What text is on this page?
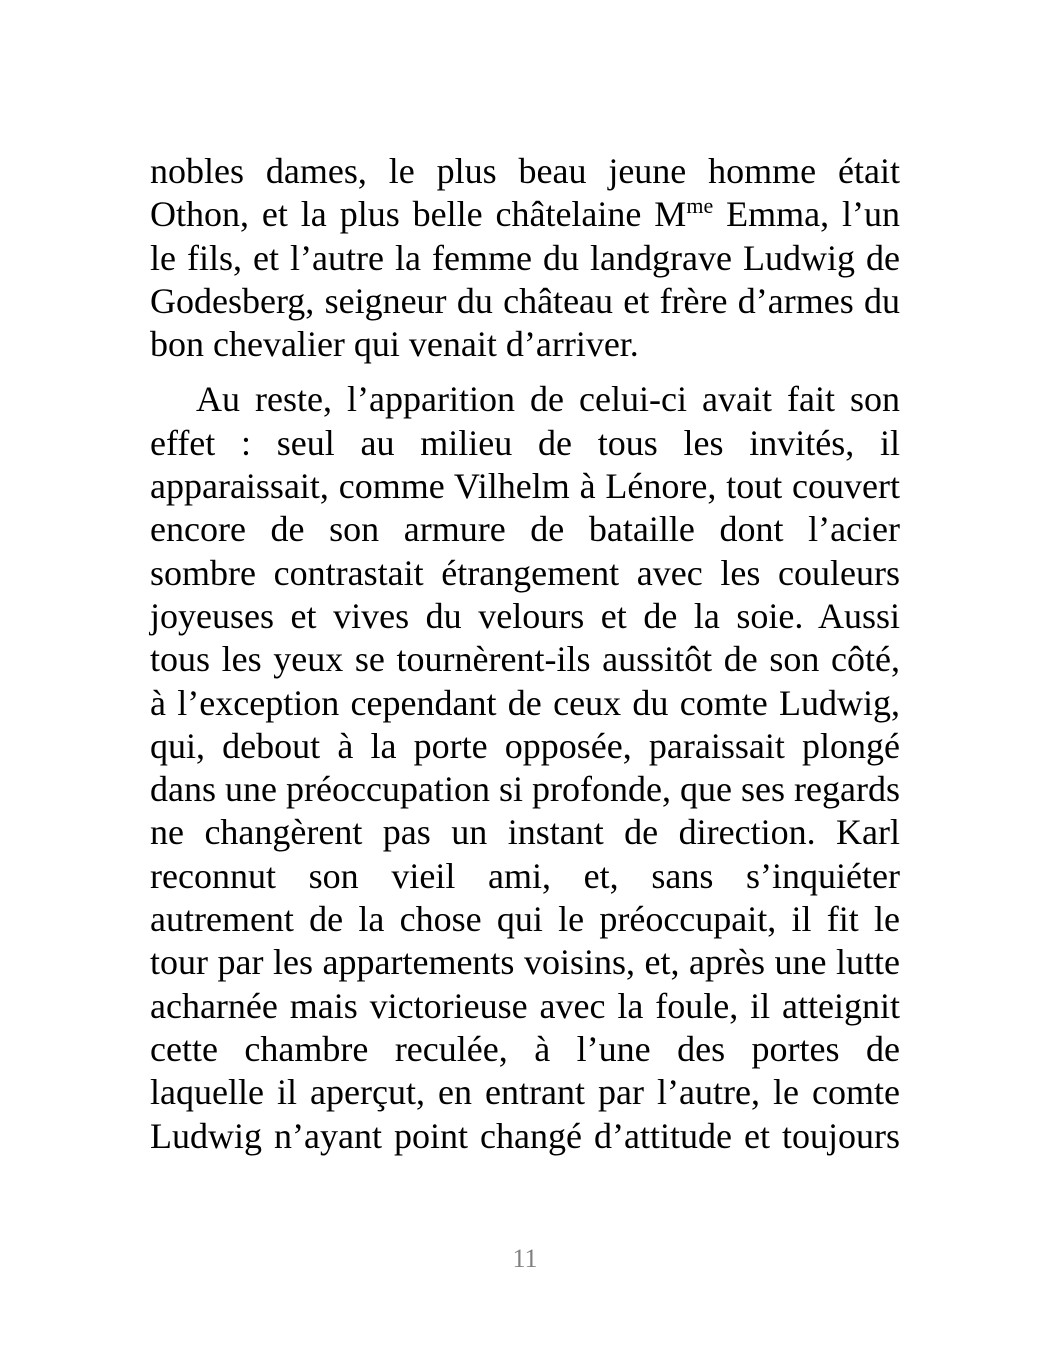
nobles dames, le plus beau jeune homme était Othon, et la plus belle châtelaine $M^{me}$ Emma, l’un le fils, et l’autre la femme du landgrave Ludwig de Godesberg, seigneur du château et frère d’armes du bon chevalier qui venait d’arriver.

Au reste, l’apparition de celui-ci avait fait son effet : seul au milieu de tous les invités, il apparaissait, comme Vilhelm à Lénore, tout couvert encore de son armure de bataille dont l’acier sombre contrastait étrangement avec les couleurs joyeuses et vives du velours et de la soie. Aussi tous les yeux se tournèrent-ils aussitôt de son côté, à l’exception cependant de ceux du comte Ludwig, qui, debout à la porte opposée, paraissait plongé dans une préoccupation si profonde, que ses regards ne changèrent pas un instant de direction. Karl reconnut son vieil ami, et, sans s’inquiéter autrement de la chose qui le préoccupait, il fit le tour par les appartements voisins, et, après une lutte acharnée mais victorieuse avec la foule, il atteignit cette chambre reculée, à l’une des portes de laquelle il aperçut, en entrant par l’autre, le comte Ludwig n’ayant point changé d’attitude et toujours

11
